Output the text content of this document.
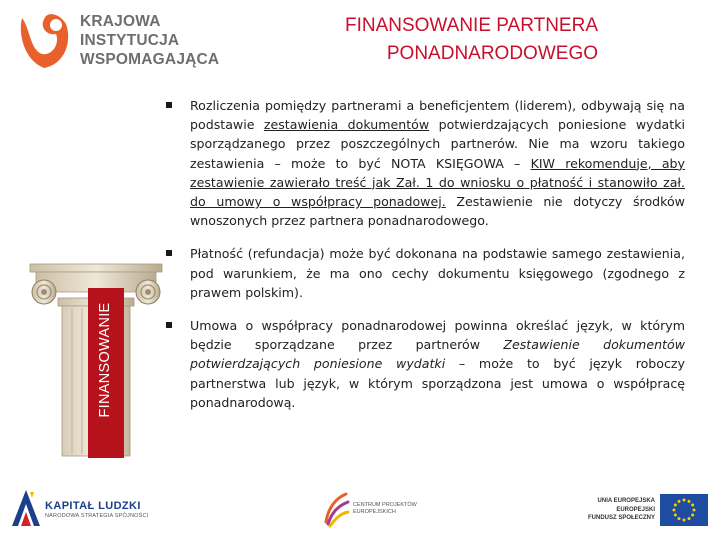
KRAJOWA
INSTYTUCJA
WSPOMAGAJĄCA
FINANSOWANIE PARTNERA
PONADNARODOWEGO
FINANSOWANIE
Rozliczenia pomiędzy partnerami a beneficjentem (liderem), odbywają się na podstawie zestawienia dokumentów potwierdzających poniesione wydatki sporządzanego przez poszczególnych partnerów. Nie ma wzoru takiego zestawienia – może to być NOTA KSIĘGOWA – KIW rekomenduje, aby zestawienie zawierało treść jak Zał. 1 do wniosku o płatność i stanowiło zał. do umowy o współpracy ponadowej. Zestawienie nie dotyczy środków wnoszonych przez partnera ponadnarodowego.
Płatność (refundacja) może być dokonana na podstawie samego zestawienia, pod warunkiem, że ma ono cechy dokumentu księgowego (zgodnego z prawem polskim).
Umowa o współpracy ponadnarodowej powinna określać język, w którym będzie sporządzane przez partnerów Zestawienie dokumentów potwierdzających poniesione wydatki – może to być język roboczy partnerstwa lub język, w którym sporządzona jest umowa o współpracę ponadnarodową.
KAPITAŁ LUDZKI
NARODOWA STRATEGIA SPÓJNOŚCI
CENTRUM PROJEKTÓW
EUROPEJSKICH
UNIA EUROPEJSKA
EUROPEJSKI
FUNDUSZ SPOŁECZNY
